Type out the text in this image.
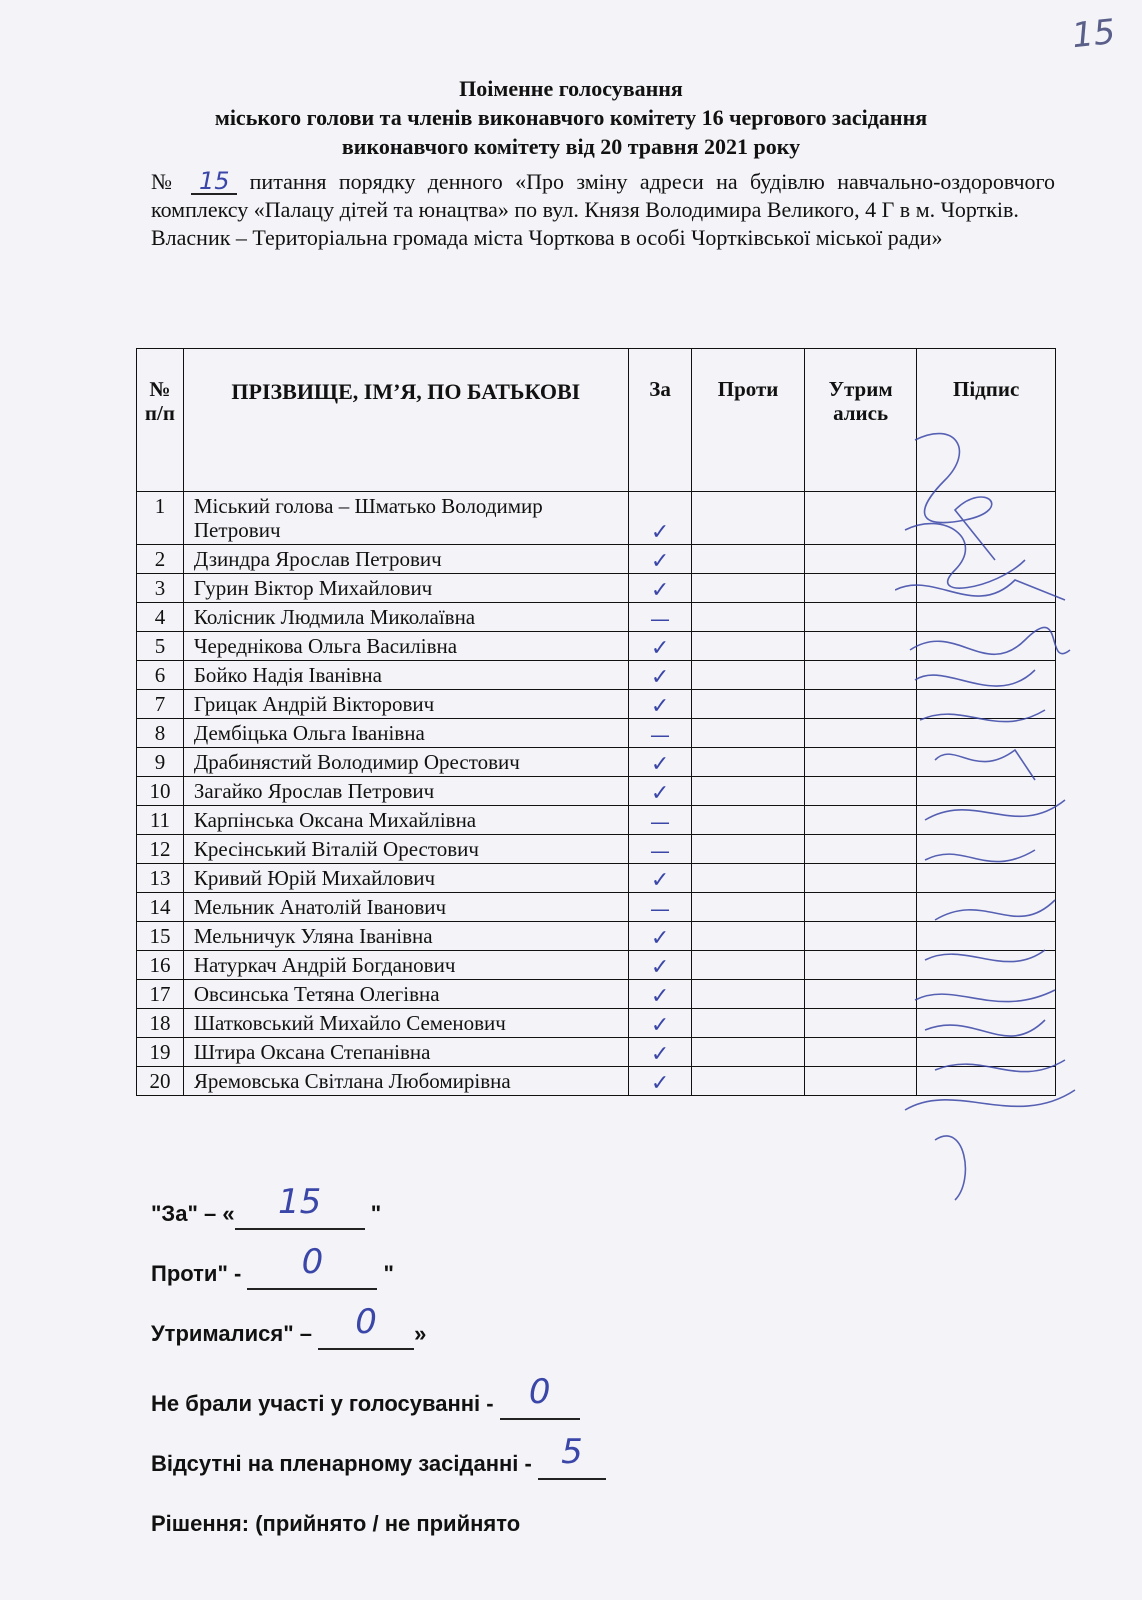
15
Поіменне голосування
міського голови та членів виконавчого комітету 16 чергового засідання
виконавчого комітету від 20 травня 2021 року

№ 15 питання порядку денного «Про зміну адреси на будівлю навчально-оздоровчого комплексу «Палацу дітей та юнацтва» по вул. Князя Володимира Великого, 4 Г в м. Чортків.

Власник – Територіальна громада міста Чорткова в особі Чортківської міської ради»

№ п/п	ПРІЗВИЩЕ, ІМ’Я, ПО БАТЬКОВІ	За	Проти	Утрим ались	Підпис
1	Міський голова – Шматько Володимир Петрович	✓			
2	Дзиндра Ярослав Петрович	✓			
3	Гурин Віктор Михайлович	✓			
4	Колісник Людмила Миколаївна	—			
5	Череднікова Ольга Василівна	✓			
6	Бойко Надія Іванівна	✓			
7	Грицак Андрій Вікторович	✓			
8	Дембіцька Ольга Іванівна	—			
9	Драбинястий Володимир Орестович	✓			
10	Загайко Ярослав Петрович	✓			
11	Карпінська Оксана Михайлівна	—			
12	Кресінський Віталій Орестович	—			
13	Кривий Юрій Михайлович	✓			
14	Мельник Анатолій Іванович	—			
15	Мельничук Уляна Іванівна	✓			
16	Натуркач Андрій Богданович	✓			
17	Овсинська Тетяна Олегівна	✓			
18	Шатковський Михайло Семенович	✓			
19	Штира Оксана Степанівна	✓			
20	Яремовська Світлана Любомирівна	✓			
"За" – « 15 "
Проти" - 0 "
Утрималися" – 0 »
Не брали участі у голосуванні - 0
Відсутні на пленарному засіданні - 5
Рішення: (прийнято / не прийнято
